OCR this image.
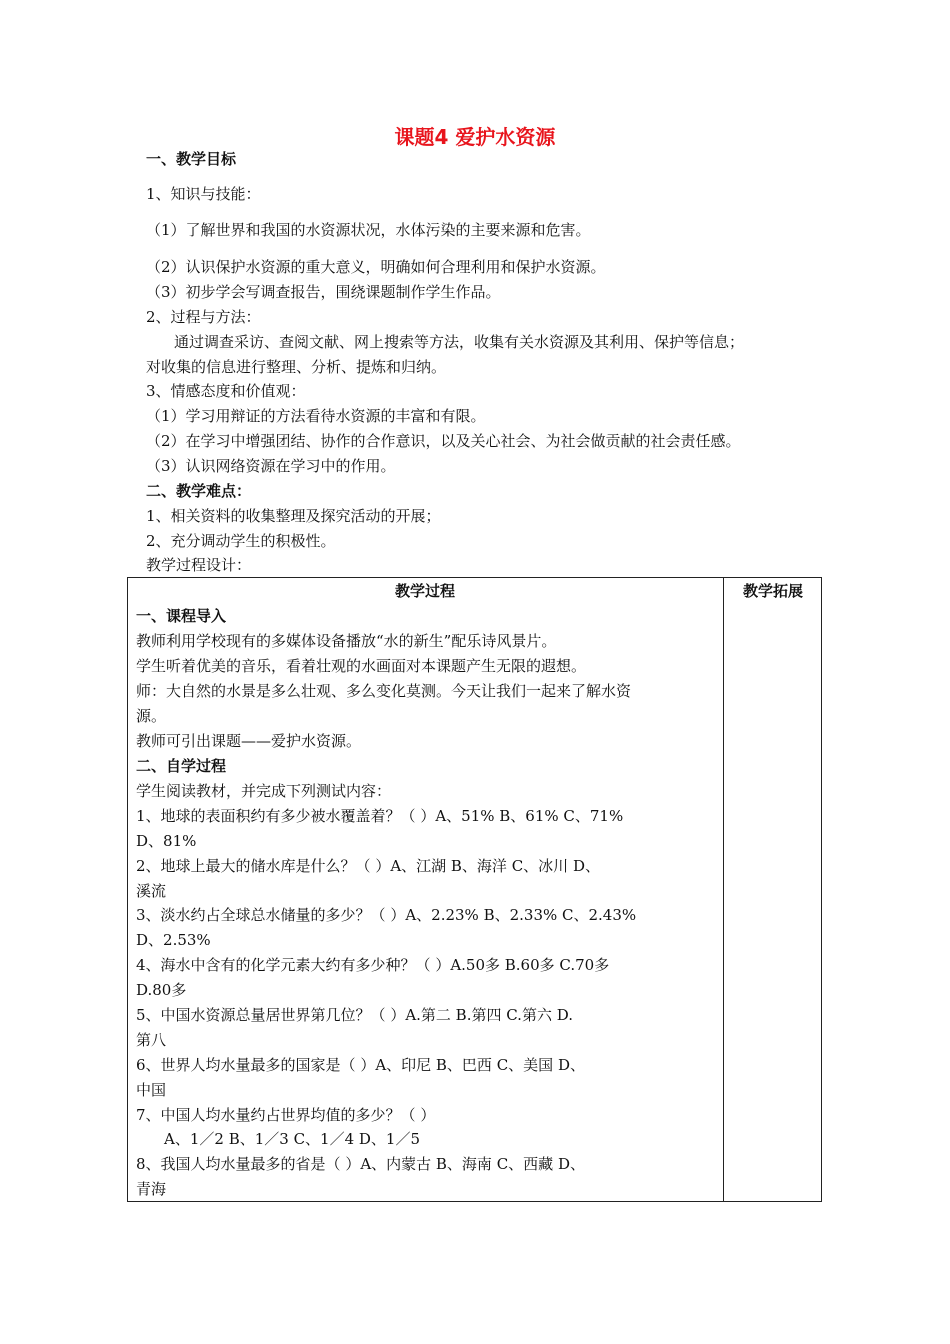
课题4 爱护水资源
一、教学目标
1、知识与技能：
（1）了解世界和我国的水资源状况，水体污染的主要来源和危害。
（2）认识保护水资源的重大意义，明确如何合理利用和保护水资源。
（3）初步学会写调查报告，围绕课题制作学生作品。
2、过程与方法：
通过调查采访、查阅文献、网上搜索等方法，收集有关水资源及其利用、保护等信息；
对收集的信息进行整理、分析、提炼和归纳。
3、情感态度和价值观：
（1）学习用辩证的方法看待水资源的丰富和有限。
（2）在学习中增强团结、协作的合作意识，以及关心社会、为社会做贡献的社会责任感。
（3）认识网络资源在学习中的作用。
二、教学难点：
1、相关资料的收集整理及探究活动的开展；
2、充分调动学生的积极性。
教学过程设计：
教学过程	教学拓展
一、课程导入
教师利用学校现有的多媒体设备播放“水的新生”配乐诗风景片。
学生听着优美的音乐，看着壮观的水画面对本课题产生无限的遐想。
师：大自然的水景是多么壮观、多么变化莫测。今天让我们一起来了解水资
源。
教师可引出课题——爱护水资源。
二、自学过程
学生阅读教材，并完成下列测试内容：
1、地球的表面积约有多少被水覆盖着？（ ）A、51% B、61% C、71%
D、81%
2、地球上最大的储水库是什么？（ ）A、江湖 B、海洋 C、冰川 D、
溪流
3、淡水约占全球总水储量的多少？（ ）A、2.23% B、2.33% C、2.43%
D、2.53%
4、海水中含有的化学元素大约有多少种？（ ）A.50多 B.60多 C.70多
D.80多
5、中国水资源总量居世界第几位？（ ）A.第二 B.第四 C.第六 D.
第八
6、世界人均水量最多的国家是（ ）A、印尼 B、巴西 C、美国 D、
中国
7、中国人均水量约占世界均值的多少？（ ）
A、1／2 B、1／3 C、1／4 D、1／5
8、我国人均水量最多的省是（ ）A、内蒙古 B、海南 C、西藏 D、
青海
